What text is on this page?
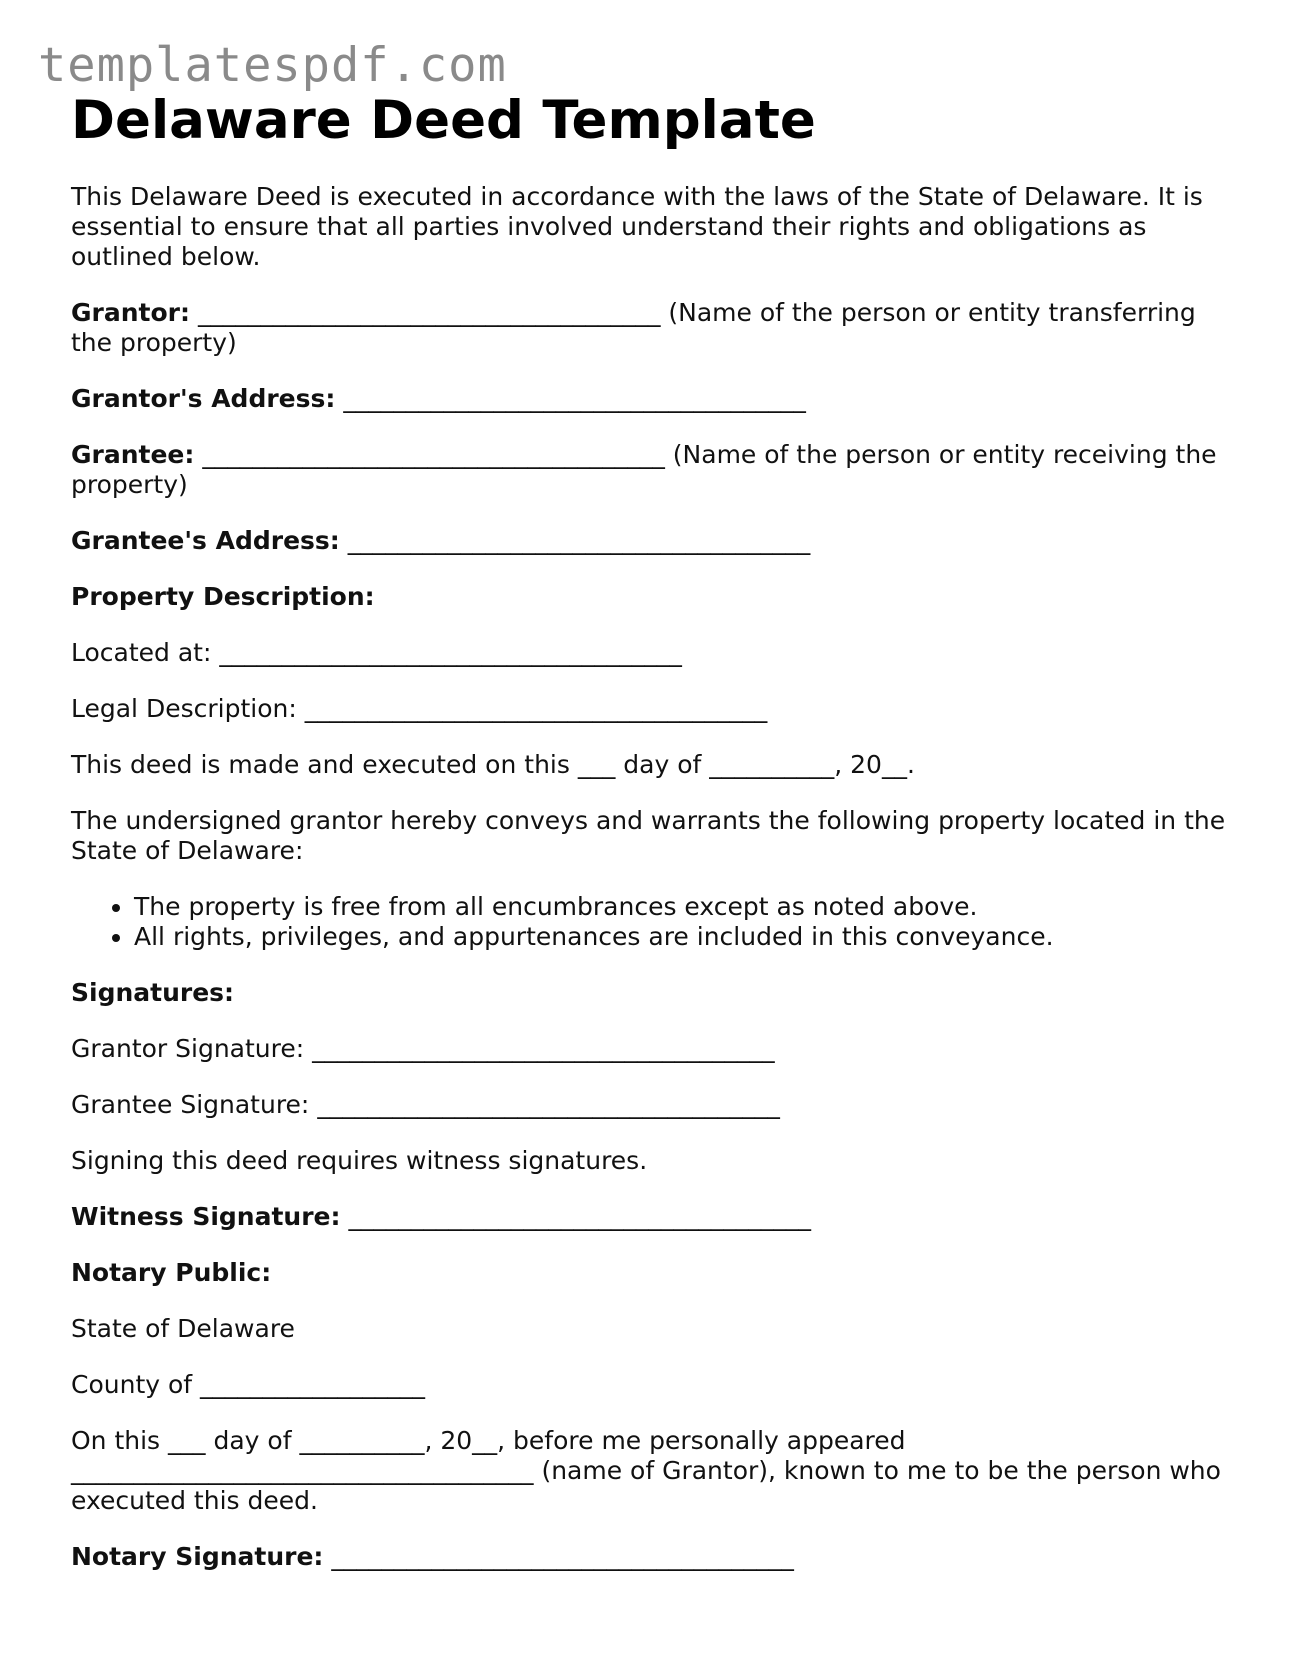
templatespdf.com
Delaware Deed Template

This Delaware Deed is executed in accordance with the laws of the State of Delaware. It is essential to ensure that all parties involved understand their rights and obligations as outlined below.

Grantor: _____________________________________ (Name of the person or entity transferring the property)

Grantor's Address: _____________________________________

Grantee: _____________________________________ (Name of the person or entity receiving the property)

Grantee's Address: _____________________________________

Property Description:

Located at: _____________________________________

Legal Description: _____________________________________

This deed is made and executed on this ___ day of __________, 20__.

The undersigned grantor hereby conveys and warrants the following property located in the State of Delaware:

• The property is free from all encumbrances except as noted above.
• All rights, privileges, and appurtenances are included in this conveyance.

Signatures:

Grantor Signature: _____________________________________

Grantee Signature: _____________________________________

Signing this deed requires witness signatures.

Witness Signature: _____________________________________

Notary Public:

State of Delaware

County of __________________

On this ___ day of __________, 20__, before me personally appeared _____________________________________ (name of Grantor), known to me to be the person who executed this deed.

Notary Signature: _____________________________________
